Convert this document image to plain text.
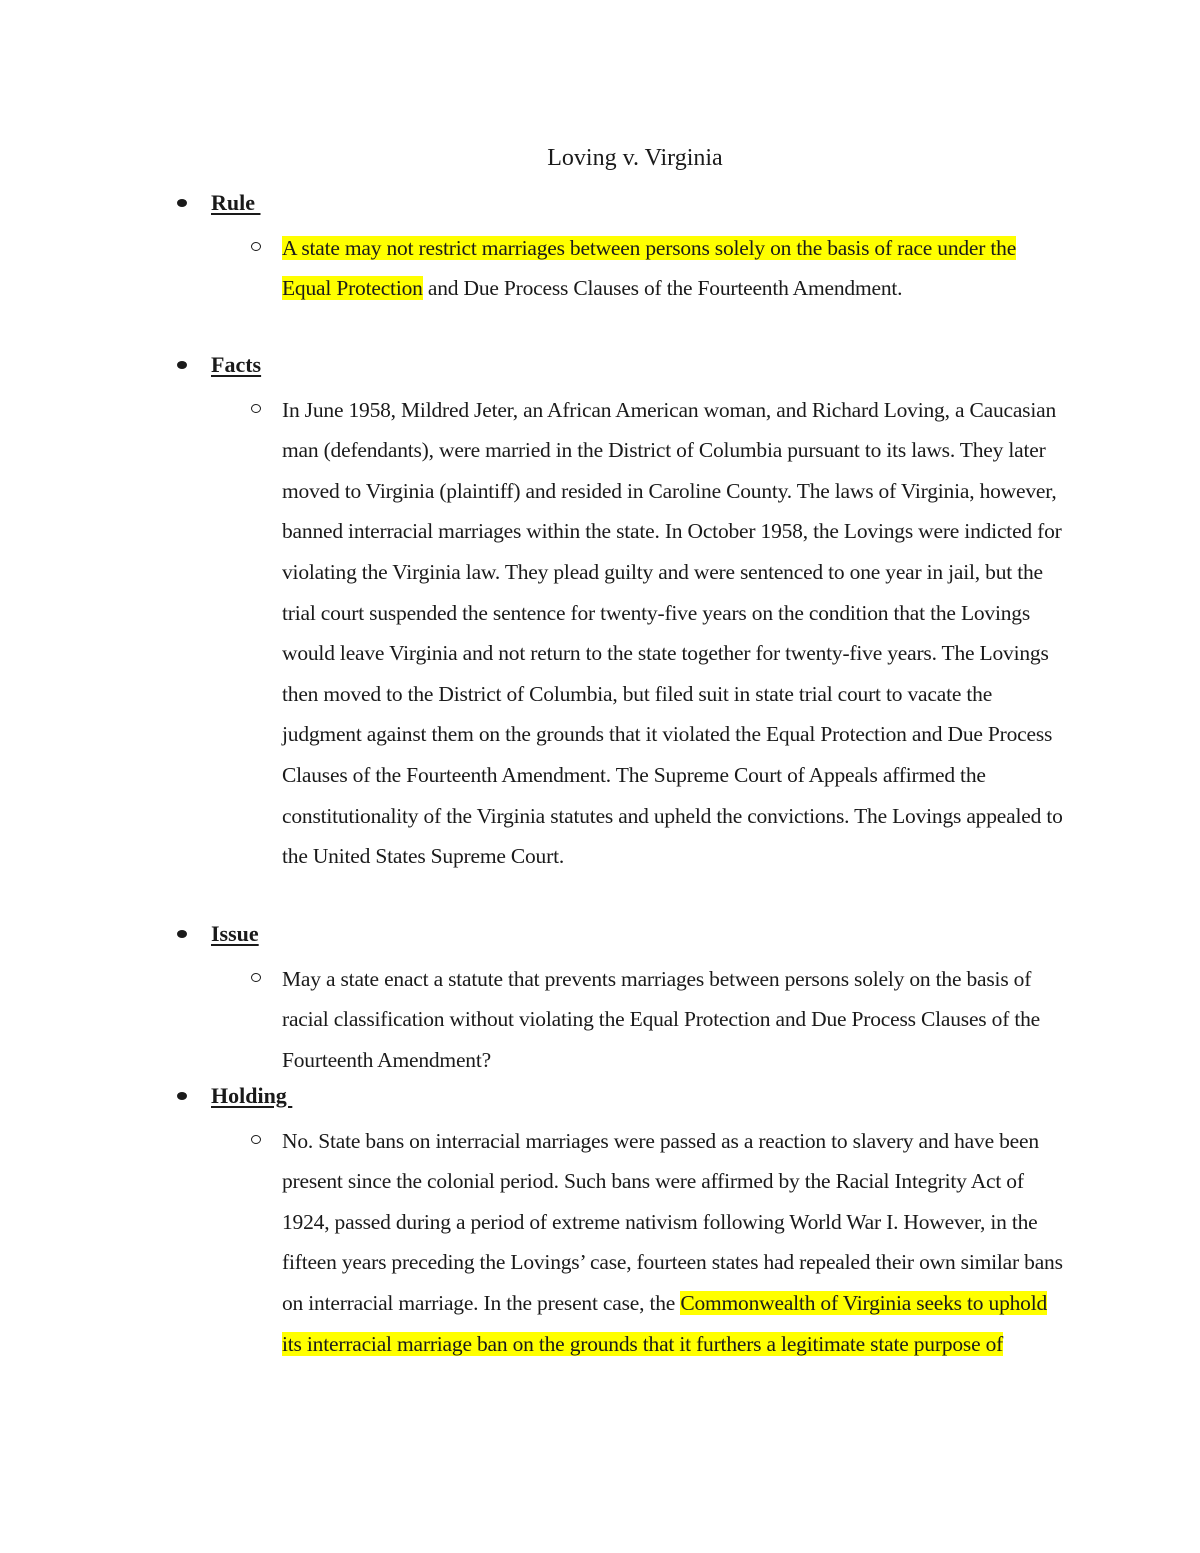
Loving v. Virginia
Rule

A state may not restrict marriages between persons solely on the basis of race under the Equal Protection and Due Process Clauses of the Fourteenth Amendment.

Facts

In June 1958, Mildred Jeter, an African American woman, and Richard Loving, a Caucasian man (defendants), were married in the District of Columbia pursuant to its laws. They later moved to Virginia (plaintiff) and resided in Caroline County. The laws of Virginia, however, banned interracial marriages within the state. In October 1958, the Lovings were indicted for violating the Virginia law. They plead guilty and were sentenced to one year in jail, but the trial court suspended the sentence for twenty-five years on the condition that the Lovings would leave Virginia and not return to the state together for twenty-five years. The Lovings then moved to the District of Columbia, but filed suit in state trial court to vacate the judgment against them on the grounds that it violated the Equal Protection and Due Process Clauses of the Fourteenth Amendment. The Supreme Court of Appeals affirmed the constitutionality of the Virginia statutes and upheld the convictions. The Lovings appealed to the United States Supreme Court.

Issue

May a state enact a statute that prevents marriages between persons solely on the basis of racial classification without violating the Equal Protection and Due Process Clauses of the Fourteenth Amendment?

Holding

No. State bans on interracial marriages were passed as a reaction to slavery and have been present since the colonial period. Such bans were affirmed by the Racial Integrity Act of 1924, passed during a period of extreme nativism following World War I. However, in the fifteen years preceding the Lovings’ case, fourteen states had repealed their own similar bans on interracial marriage. In the present case, the Commonwealth of Virginia seeks to uphold its interracial marriage ban on the grounds that it furthers a legitimate state purpose of
